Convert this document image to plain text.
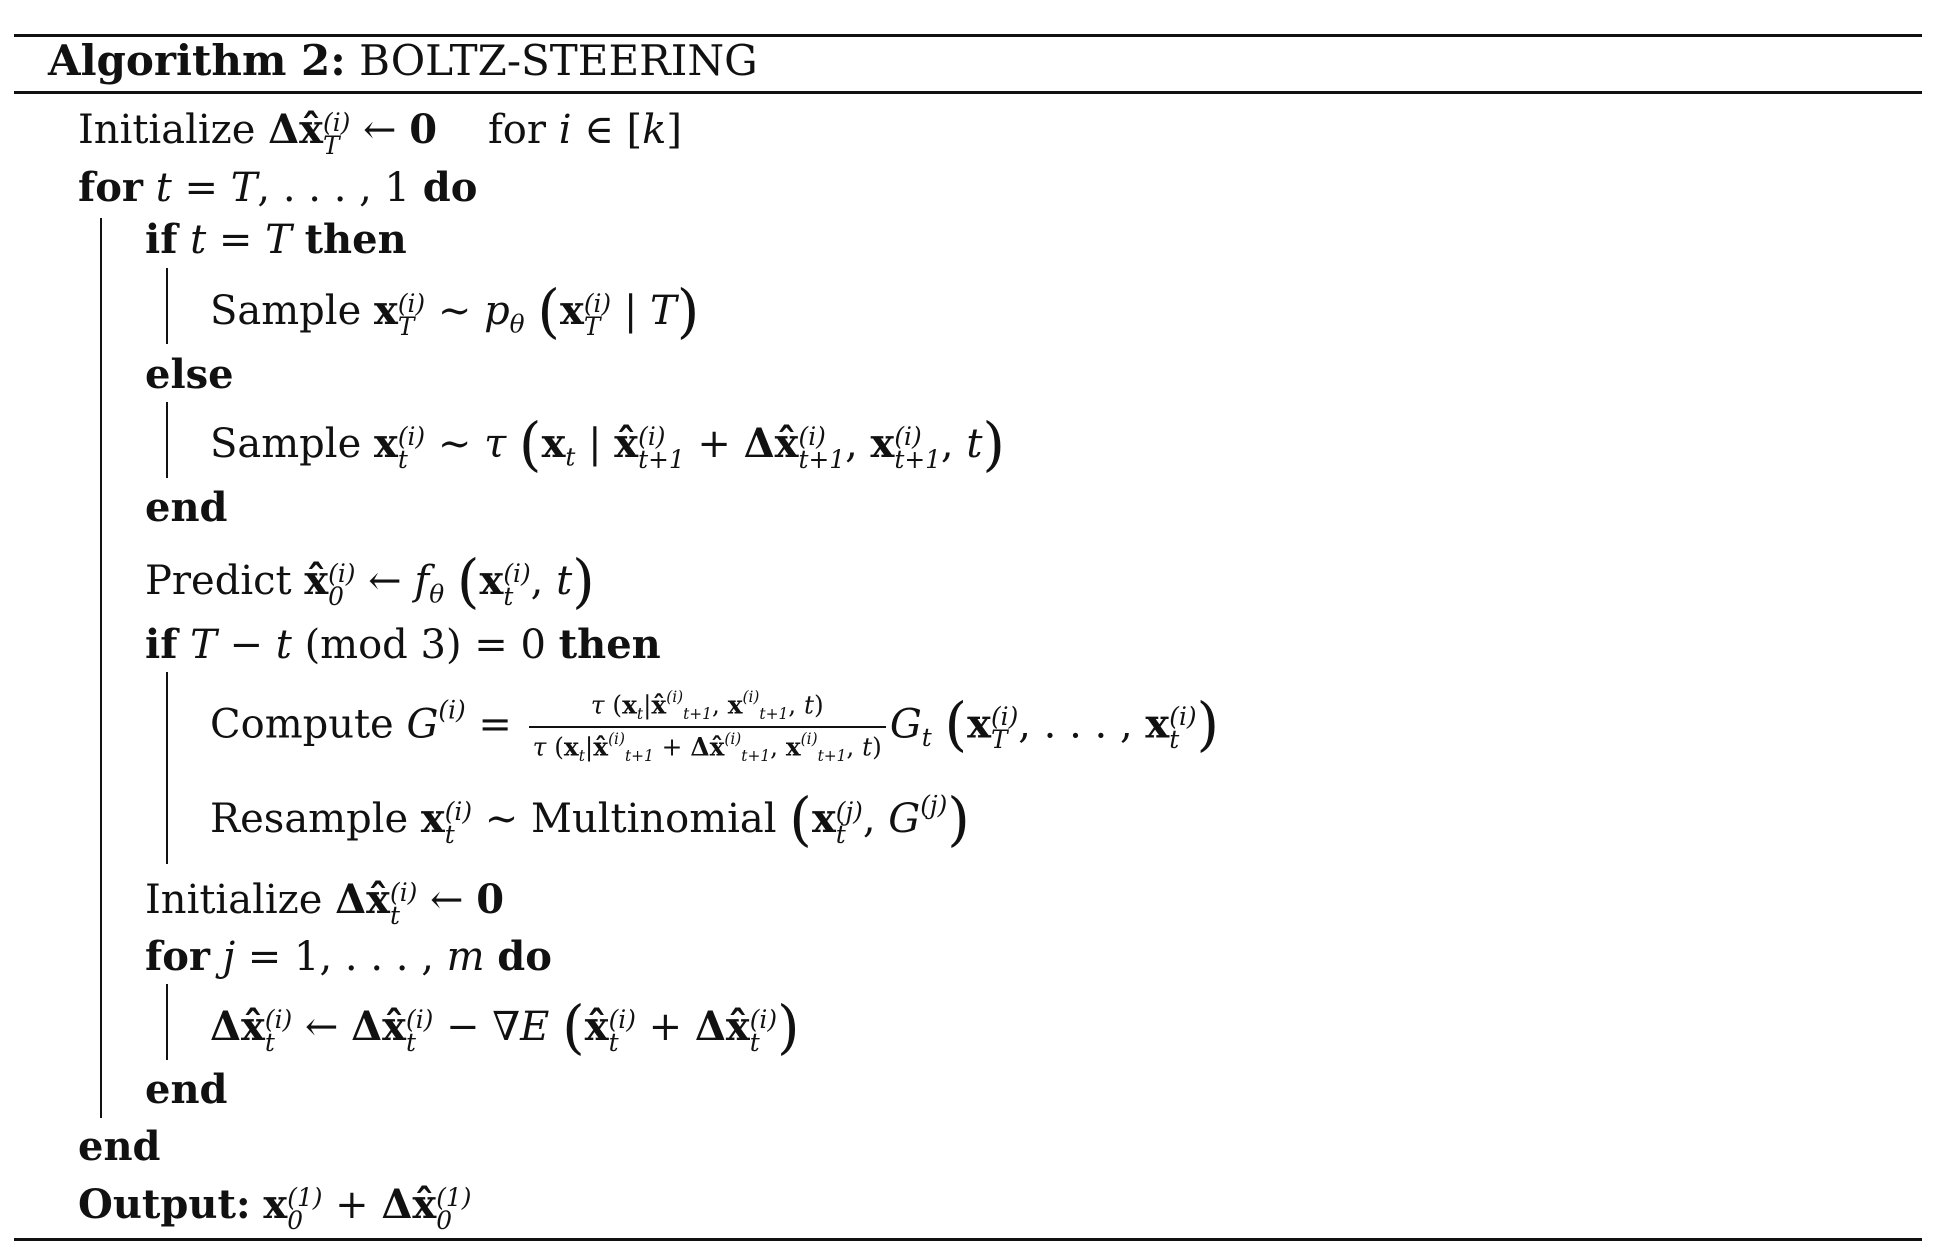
Algorithm 2: BOLTZ-STEERING
Initialize Δx̂ (i)
T ← 0 for i ∈ [k]
for t = T, . . . , 1 do
if t = T then
Sample x (i)
T ∼ $p_\theta$ (x (i)
T | T)
else
Sample x (i)
t ∼ τ ($x_t$ | x̂ (i)
t+1 + Δx̂ (i)
t+1 , x (i)
t+1 , t)
end
Predict x̂ (i)
0 ← $f_\theta$ (x (i)
t , t)
if T − t (mod 3) = 0 then
Compute $G^{(i)} = \frac{\tau (x_t|x̂^{(i)}_{t+1}, x^{(i)}_{t+1}, t)}{\tau (x_t|x̂^{(i)}_{t+1} + \Delta x̂^{(i)}_{t+1}, x^{(i)}_{t+1}, t)} G_t$ (x (i)
T , . . . , x (i)
t )
Resample x (i)
t ∼ Multinomial (x (j)
t , $G^{(j)}$)
Initialize Δx̂ (i)
t ← 0
for j = 1, . . . , m do
Δx̂ (i)
t ← Δx̂ (i)
t − ∇E (x̂ (i)
t + Δx̂ (i)
t )
end
end
Output: x (1)
0 + Δx̂ (1)
0
